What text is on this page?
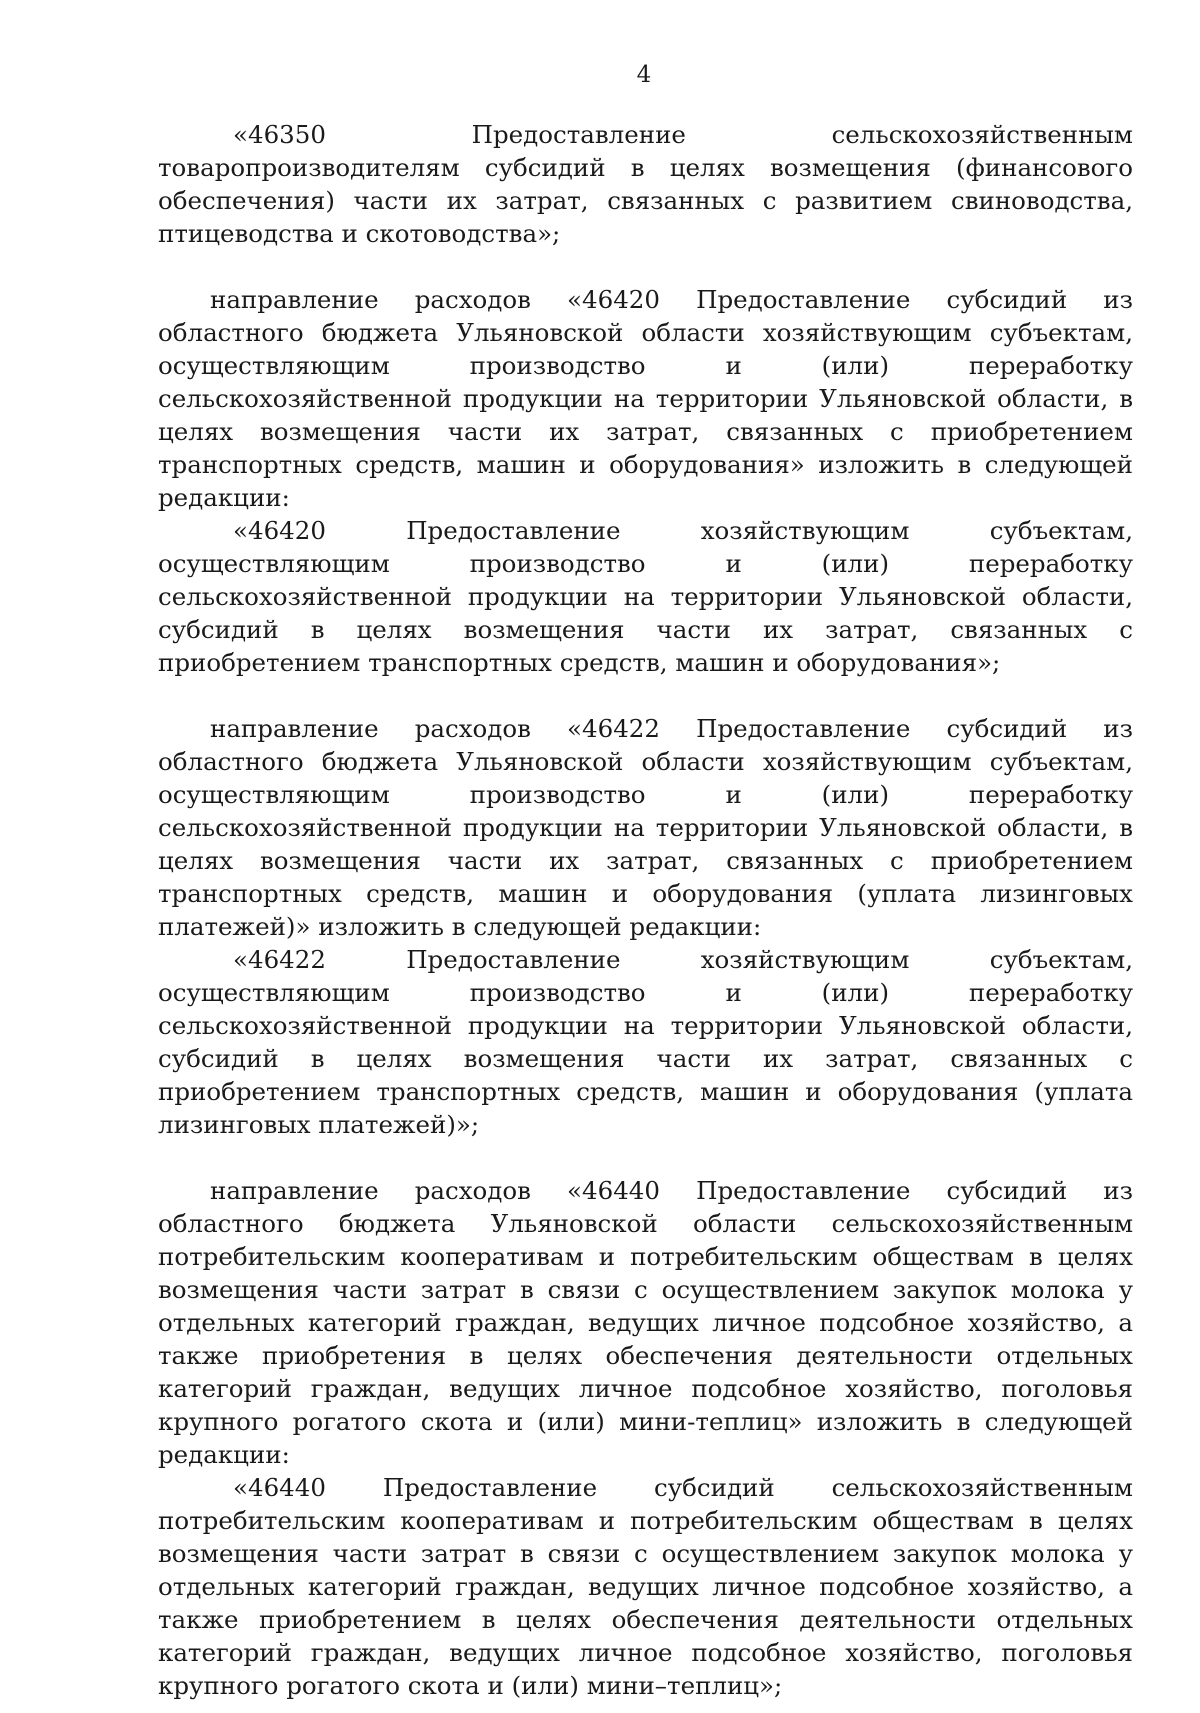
4

«46350 Предоставление сельскохозяйственным товаропроизводителям субсидий в целях возмещения (финансового обеспечения) части их затрат, связанных с развитием свиноводства, птицеводства и скотоводства»;

направление расходов «46420 Предоставление субсидий из областного бюджета Ульяновской области хозяйствующим субъектам, осуществляющим производство и (или) переработку сельскохозяйственной продукции на территории Ульяновской области, в целях возмещения части их затрат, связанных с приобретением транспортных средств, машин и оборудования» изложить в следующей редакции:

«46420 Предоставление хозяйствующим субъектам, осуществляющим производство и (или) переработку сельскохозяйственной продукции на территории Ульяновской области, субсидий в целях возмещения части их затрат, связанных с приобретением транспортных средств, машин и оборудования»;

направление расходов «46422 Предоставление субсидий из областного бюджета Ульяновской области хозяйствующим субъектам, осуществляющим производство и (или) переработку сельскохозяйственной продукции на территории Ульяновской области, в целях возмещения части их затрат, связанных с приобретением транспортных средств, машин и оборудования (уплата лизинговых платежей)» изложить в следующей редакции:

«46422 Предоставление хозяйствующим субъектам, осуществляющим производство и (или) переработку сельскохозяйственной продукции на территории Ульяновской области, субсидий в целях возмещения части их затрат, связанных с приобретением транспортных средств, машин и оборудования (уплата лизинговых платежей)»;

направление расходов «46440 Предоставление субсидий из областного бюджета Ульяновской области сельскохозяйственным потребительским кооперативам и потребительским обществам в целях возмещения части затрат в связи с осуществлением закупок молока у отдельных категорий граждан, ведущих личное подсобное хозяйство, а также приобретения в целях обеспечения деятельности отдельных категорий граждан, ведущих личное подсобное хозяйство, поголовья крупного рогатого скота и (или) мини-теплиц» изложить в следующей редакции:

«46440 Предоставление субсидий сельскохозяйственным потребительским кооперативам и потребительским обществам в целях возмещения части затрат в связи с осуществлением закупок молока у отдельных категорий граждан, ведущих личное подсобное хозяйство, а также приобретением в целях обеспечения деятельности отдельных категорий граждан, ведущих личное подсобное хозяйство, поголовья крупного рогатого скота и (или) мини–теплиц»;
